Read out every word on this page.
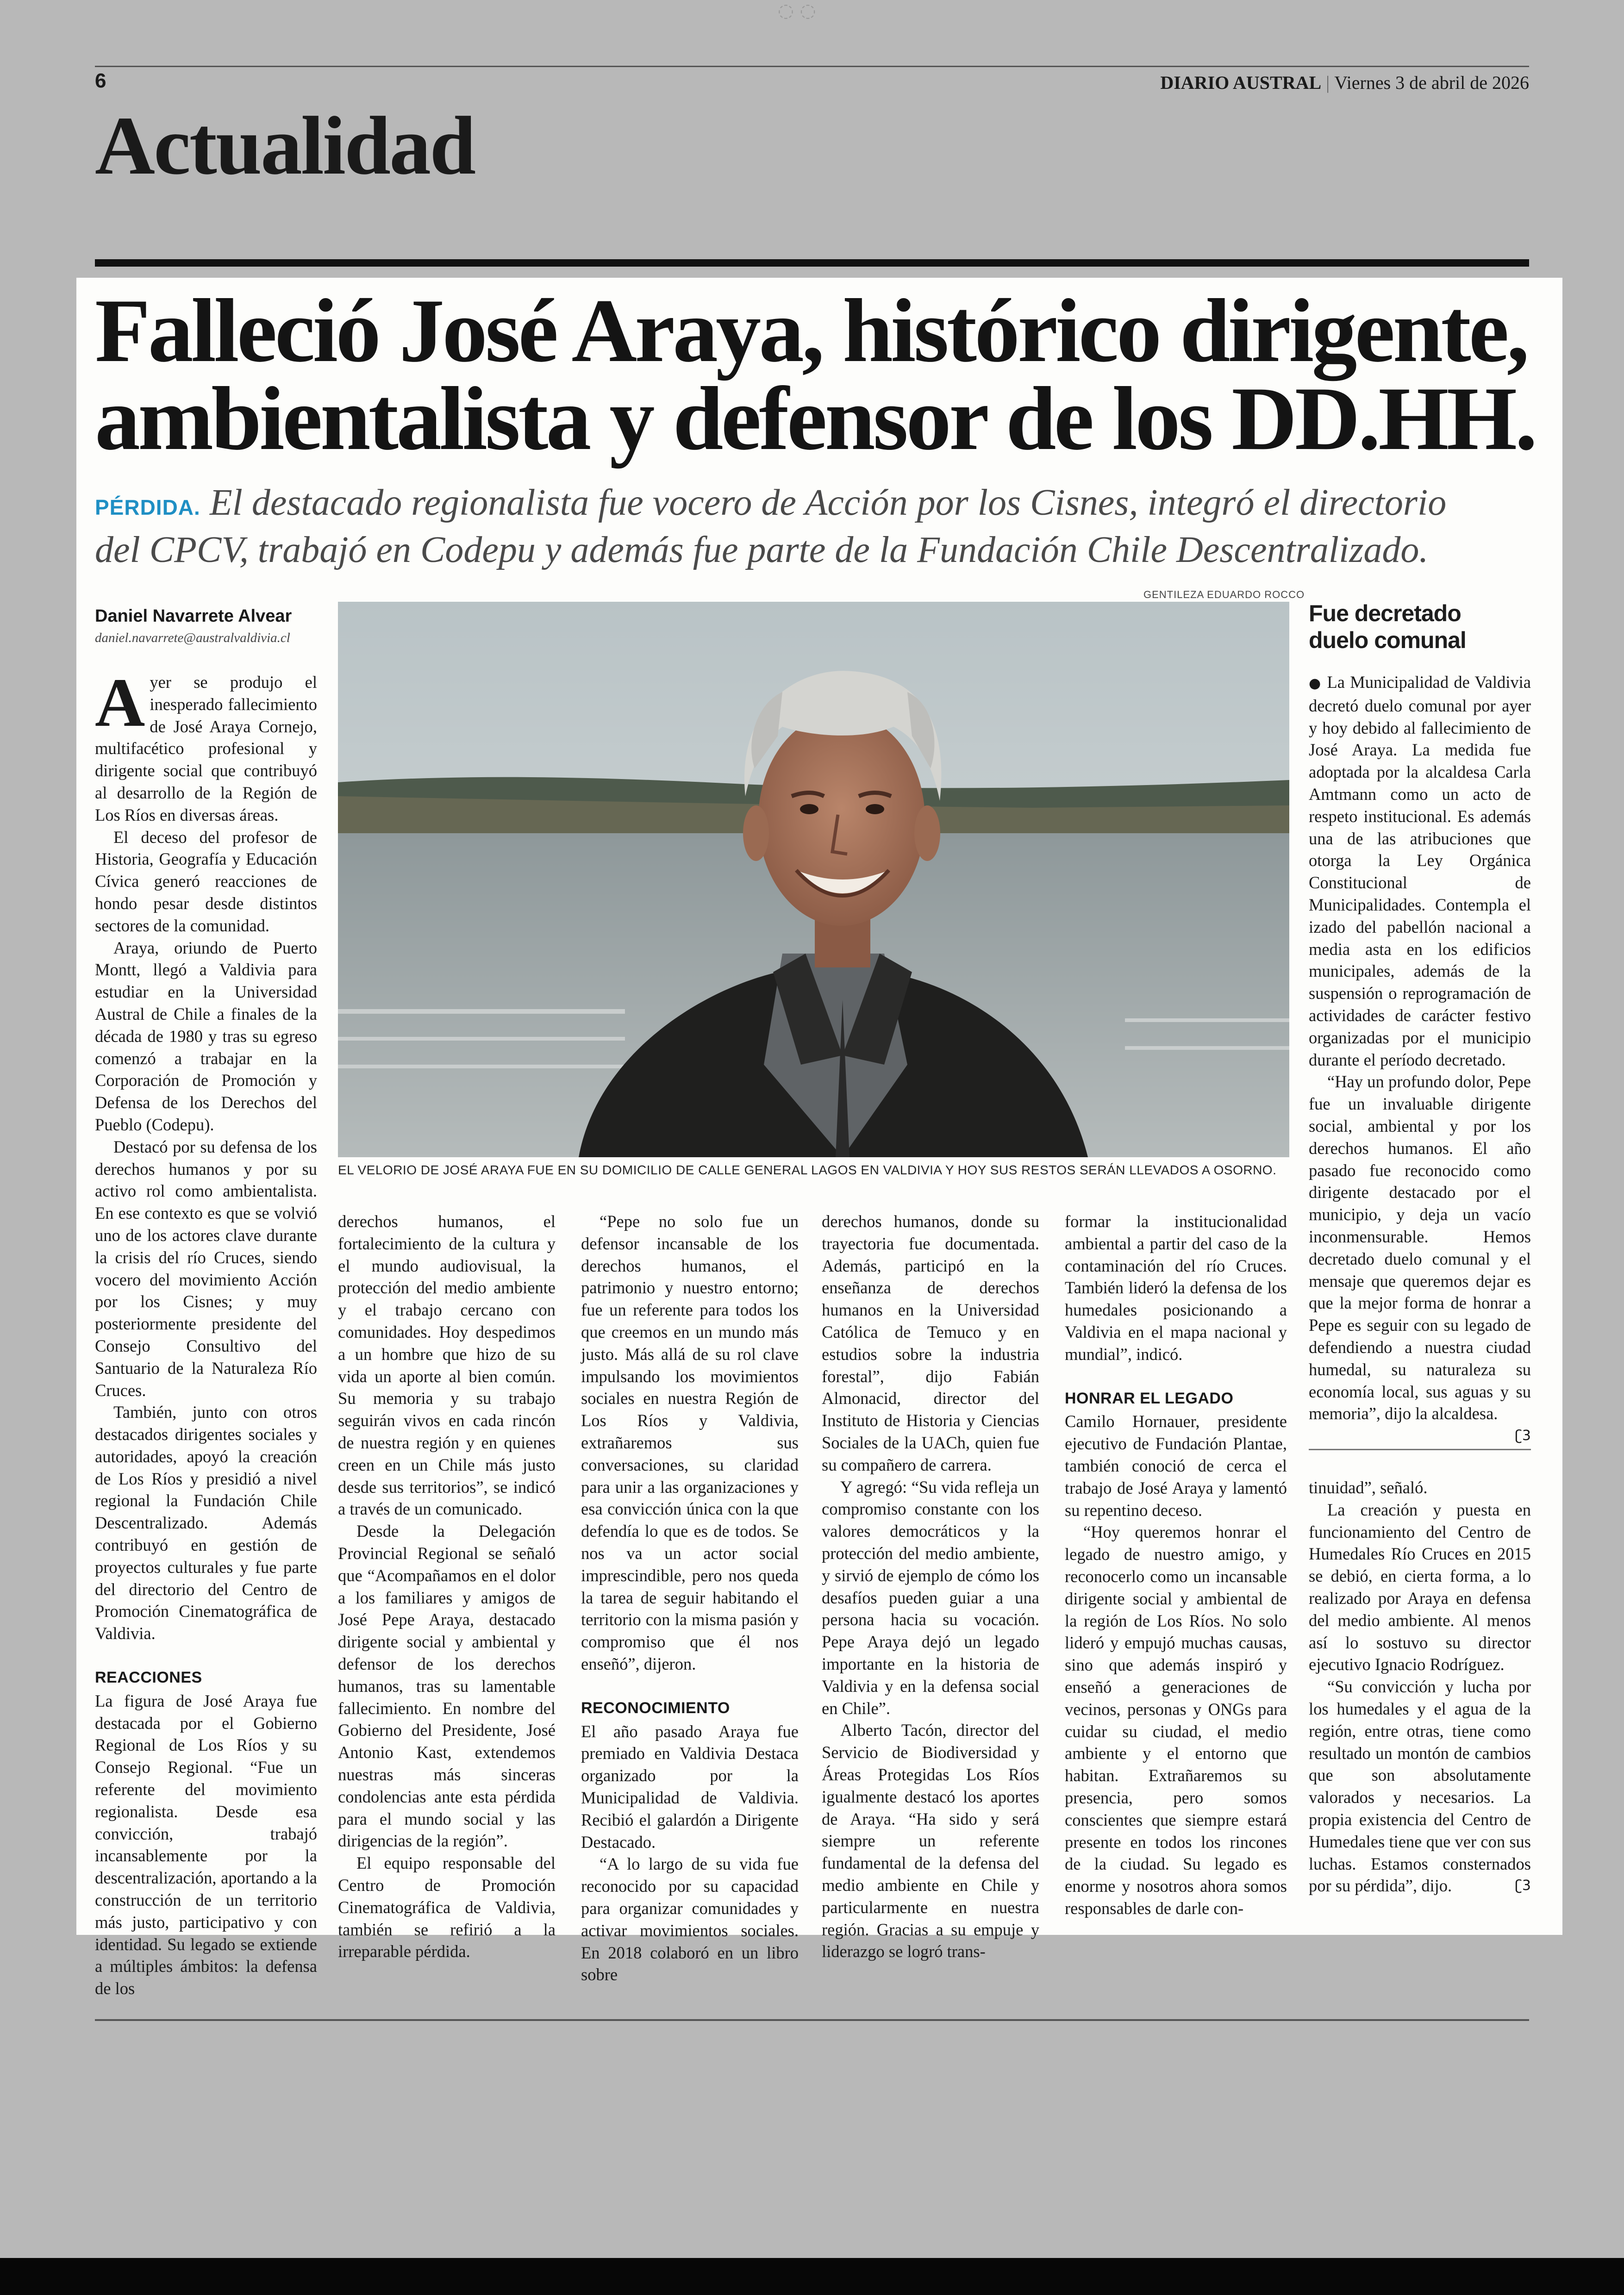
◌ ◌
6	DIARIO AUSTRAL | Viernes 3 de abril de 2026
Actualidad
Falleció José Araya, histórico dirigente,
ambientalista y defensor de los DD.HH.
PÉRDIDA. El destacado regionalista fue vocero de Acción por los Cisnes, integró el directorio
del CPCV, trabajó en Codepu y además fue parte de la Fundación Chile Descentralizado.
Daniel Navarrete Alvear
daniel.navarrete@australvaldivia.cl
GENTILEZA EDUARDO ROCCO
EL VELORIO DE JOSÉ ARAYA FUE EN SU DOMICILIO DE CALLE GENERAL LAGOS EN VALDIVIA Y HOY SUS RESTOS SERÁN LLEVADOS A OSORNO.

Ayer se produjo el inesperado fallecimiento de José Araya Cornejo, multifacético profesional y dirigente social que contribuyó al desarrollo de la Región de Los Ríos en diversas áreas.

El deceso del profesor de Historia, Geografía y Educación Cívica generó reacciones de hondo pesar desde distintos sectores de la comunidad.

Araya, oriundo de Puerto Montt, llegó a Valdivia para estudiar en la Universidad Austral de Chile a finales de la década de 1980 y tras su egreso comenzó a trabajar en la Corporación de Promoción y Defensa de los Derechos del Pueblo (Codepu).

Destacó por su defensa de los derechos humanos y por su activo rol como ambientalista. En ese contexto es que se volvió uno de los actores clave durante la crisis del río Cruces, siendo vocero del movimiento Acción por los Cisnes; y muy posteriormente presidente del Consejo Consultivo del Santuario de la Naturaleza Río Cruces.

También, junto con otros destacados dirigentes sociales y autoridades, apoyó la creación de Los Ríos y presidió a nivel regional la Fundación Chile Descentralizado. Además contribuyó en gestión de proyectos culturales y fue parte del directorio del Centro de Promoción Cinematográfica de Valdivia.

REACCIONES

La figura de José Araya fue destacada por el Gobierno Regional de Los Ríos y su Consejo Regional. “Fue un referente del movimiento regionalista. Desde esa convicción, trabajó incansablemente por la descentralización, aportando a la construcción de un territorio más justo, participativo y con identidad. Su legado se extiende a múltiples ámbitos: la defensa de los

derechos humanos, el fortalecimiento de la cultura y el mundo audiovisual, la protección del medio ambiente y el trabajo cercano con comunidades. Hoy despedimos a un hombre que hizo de su vida un aporte al bien común. Su memoria y su trabajo seguirán vivos en cada rincón de nuestra región y en quienes creen en un Chile más justo desde sus territorios”, se indicó a través de un comunicado.

Desde la Delegación Provincial Regional se señaló que “Acompañamos en el dolor a los familiares y amigos de José Pepe Araya, destacado dirigente social y ambiental y defensor de los derechos humanos, tras su lamentable fallecimiento. En nombre del Gobierno del Presidente, José Antonio Kast, extendemos nuestras más sinceras condolencias ante esta pérdida para el mundo social y las dirigencias de la región”.

El equipo responsable del Centro de Promoción Cinematográfica de Valdivia, también se refirió a la irreparable pérdida.

“Pepe no solo fue un defensor incansable de los derechos humanos, el patrimonio y nuestro entorno; fue un referente para todos los que creemos en un mundo más justo. Más allá de su rol clave impulsando los movimientos sociales en nuestra Región de Los Ríos y Valdivia, extrañaremos sus conversaciones, su claridad para unir a las organizaciones y esa convicción única con la que defendía lo que es de todos. Se nos va un actor social imprescindible, pero nos queda la tarea de seguir habitando el territorio con la misma pasión y compromiso que él nos enseñó”, dijeron.

RECONOCIMIENTO

El año pasado Araya fue premiado en Valdivia Destaca organizado por la Municipalidad de Valdivia. Recibió el galardón a Dirigente Destacado.

“A lo largo de su vida fue reconocido por su capacidad para organizar comunidades y activar movimientos sociales. En 2018 colaboró en un libro sobre

derechos humanos, donde su trayectoria fue documentada. Además, participó en la enseñanza de derechos humanos en la Universidad Católica de Temuco y en estudios sobre la industria forestal”, dijo Fabián Almonacid, director del Instituto de Historia y Ciencias Sociales de la UACh, quien fue su compañero de carrera.

Y agregó: “Su vida refleja un compromiso constante con los valores democráticos y la protección del medio ambiente, y sirvió de ejemplo de cómo los desafíos pueden guiar a una persona hacia su vocación. Pepe Araya dejó un legado importante en la historia de Valdivia y en la defensa social en Chile”.

Alberto Tacón, director del Servicio de Biodiversidad y Áreas Protegidas Los Ríos igualmente destacó los aportes de Araya. “Ha sido y será siempre un referente fundamental de la defensa del medio ambiente en Chile y particularmente en nuestra región. Gracias a su empuje y liderazgo se logró trans-

formar la institucionalidad ambiental a partir del caso de la contaminación del río Cruces. También lideró la defensa de los humedales posicionando a Valdivia en el mapa nacional y mundial”, indicó.

HONRAR EL LEGADO

Camilo Hornauer, presidente ejecutivo de Fundación Plantae, también conoció de cerca el trabajo de José Araya y lamentó su repentino deceso.

“Hoy queremos honrar el legado de nuestro amigo, y reconocerlo como un incansable dirigente social y ambiental de la región de Los Ríos. No solo lideró y empujó muchas causas, sino que además inspiró y enseñó a generaciones de vecinos, personas y ONGs para cuidar su ciudad, el medio ambiente y el entorno que habitan. Extrañaremos su presencia, pero somos conscientes que siempre estará presente en todos los rincones de la ciudad. Su legado es enorme y nosotros ahora somos responsables de darle con-

Fue decretado
duelo comunal

● La Municipalidad de Valdivia decretó duelo comunal por ayer y hoy debido al fallecimiento de José Araya. La medida fue adoptada por la alcaldesa Carla Amtmann como un acto de respeto institucional. Es además una de las atribuciones que otorga la Ley Orgánica Constitucional de Municipalidades. Contempla el izado del pabellón nacional a media asta en los edificios municipales, además de la suspensión o reprogramación de actividades de carácter festivo organizadas por el municipio durante el período decretado.

“Hay un profundo dolor, Pepe fue un invaluable dirigente social, ambiental y por los derechos humanos. El año pasado fue reconocido como dirigente destacado por el municipio, y deja un vacío inconmensurable. Hemos decretado duelo comunal y el mensaje que queremos dejar es que la mejor forma de honrar a Pepe es seguir con su legado de defendiendo a nuestra ciudad humedal, su naturaleza su economía local, sus aguas y su memoria”, dijo la alcaldesa.
ʗ3

tinuidad”, señaló.

La creación y puesta en funcionamiento del Centro de Humedales Río Cruces en 2015 se debió, en cierta forma, a lo realizado por Araya en defensa del medio ambiente. Al menos así lo sostuvo su director ejecutivo Ignacio Rodríguez.

“Su convicción y lucha por los humedales y el agua de la región, entre otras, tiene como resultado un montón de cambios que son absolutamente valorados y necesarios. La propia existencia del Centro de Humedales tiene que ver con sus luchas. Estamos consternados por su pérdida”, dijo.	ʗ3
